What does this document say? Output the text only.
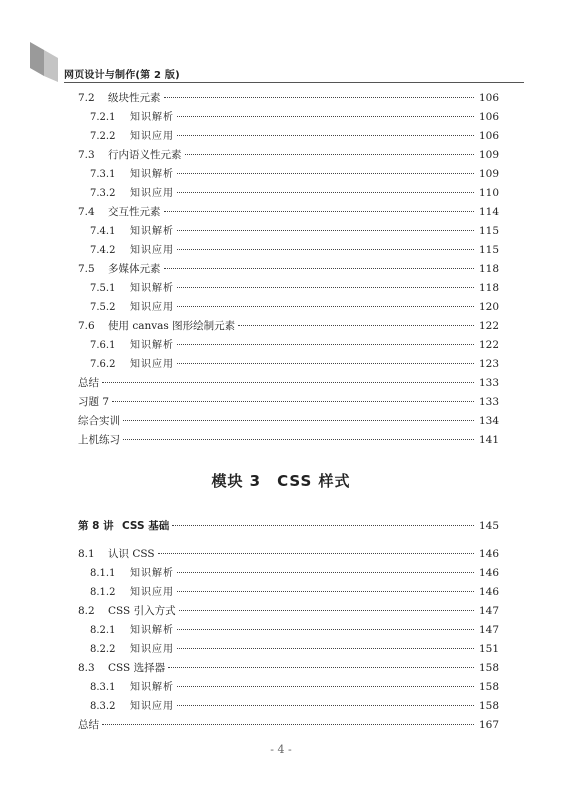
网页设计与制作(第 2 版)
7.2	级块性元素	106
7.2.1	知识解析	106
7.2.2	知识应用	106
7.3	行内语义性元素	109
7.3.1	知识解析	109
7.3.2	知识应用	110
7.4	交互性元素	114
7.4.1	知识解析	115
7.4.2	知识应用	115
7.5	多媒体元素	118
7.5.1	知识解析	118
7.5.2	知识应用	120
7.6	使用 canvas 图形绘制元素	122
7.6.1	知识解析	122
7.6.2	知识应用	123
总结	133
习题 7	133
综合实训	134
上机练习	141
模块 3　CSS 样式
第 8 讲 CSS 基础	145
8.1	认识 CSS	146
8.1.1	知识解析	146
8.1.2	知识应用	146
8.2	CSS 引入方式	147
8.2.1	知识解析	147
8.2.2	知识应用	151
8.3	CSS 选择器	158
8.3.1	知识解析	158
8.3.2	知识应用	158
总结	167
- 4 -
